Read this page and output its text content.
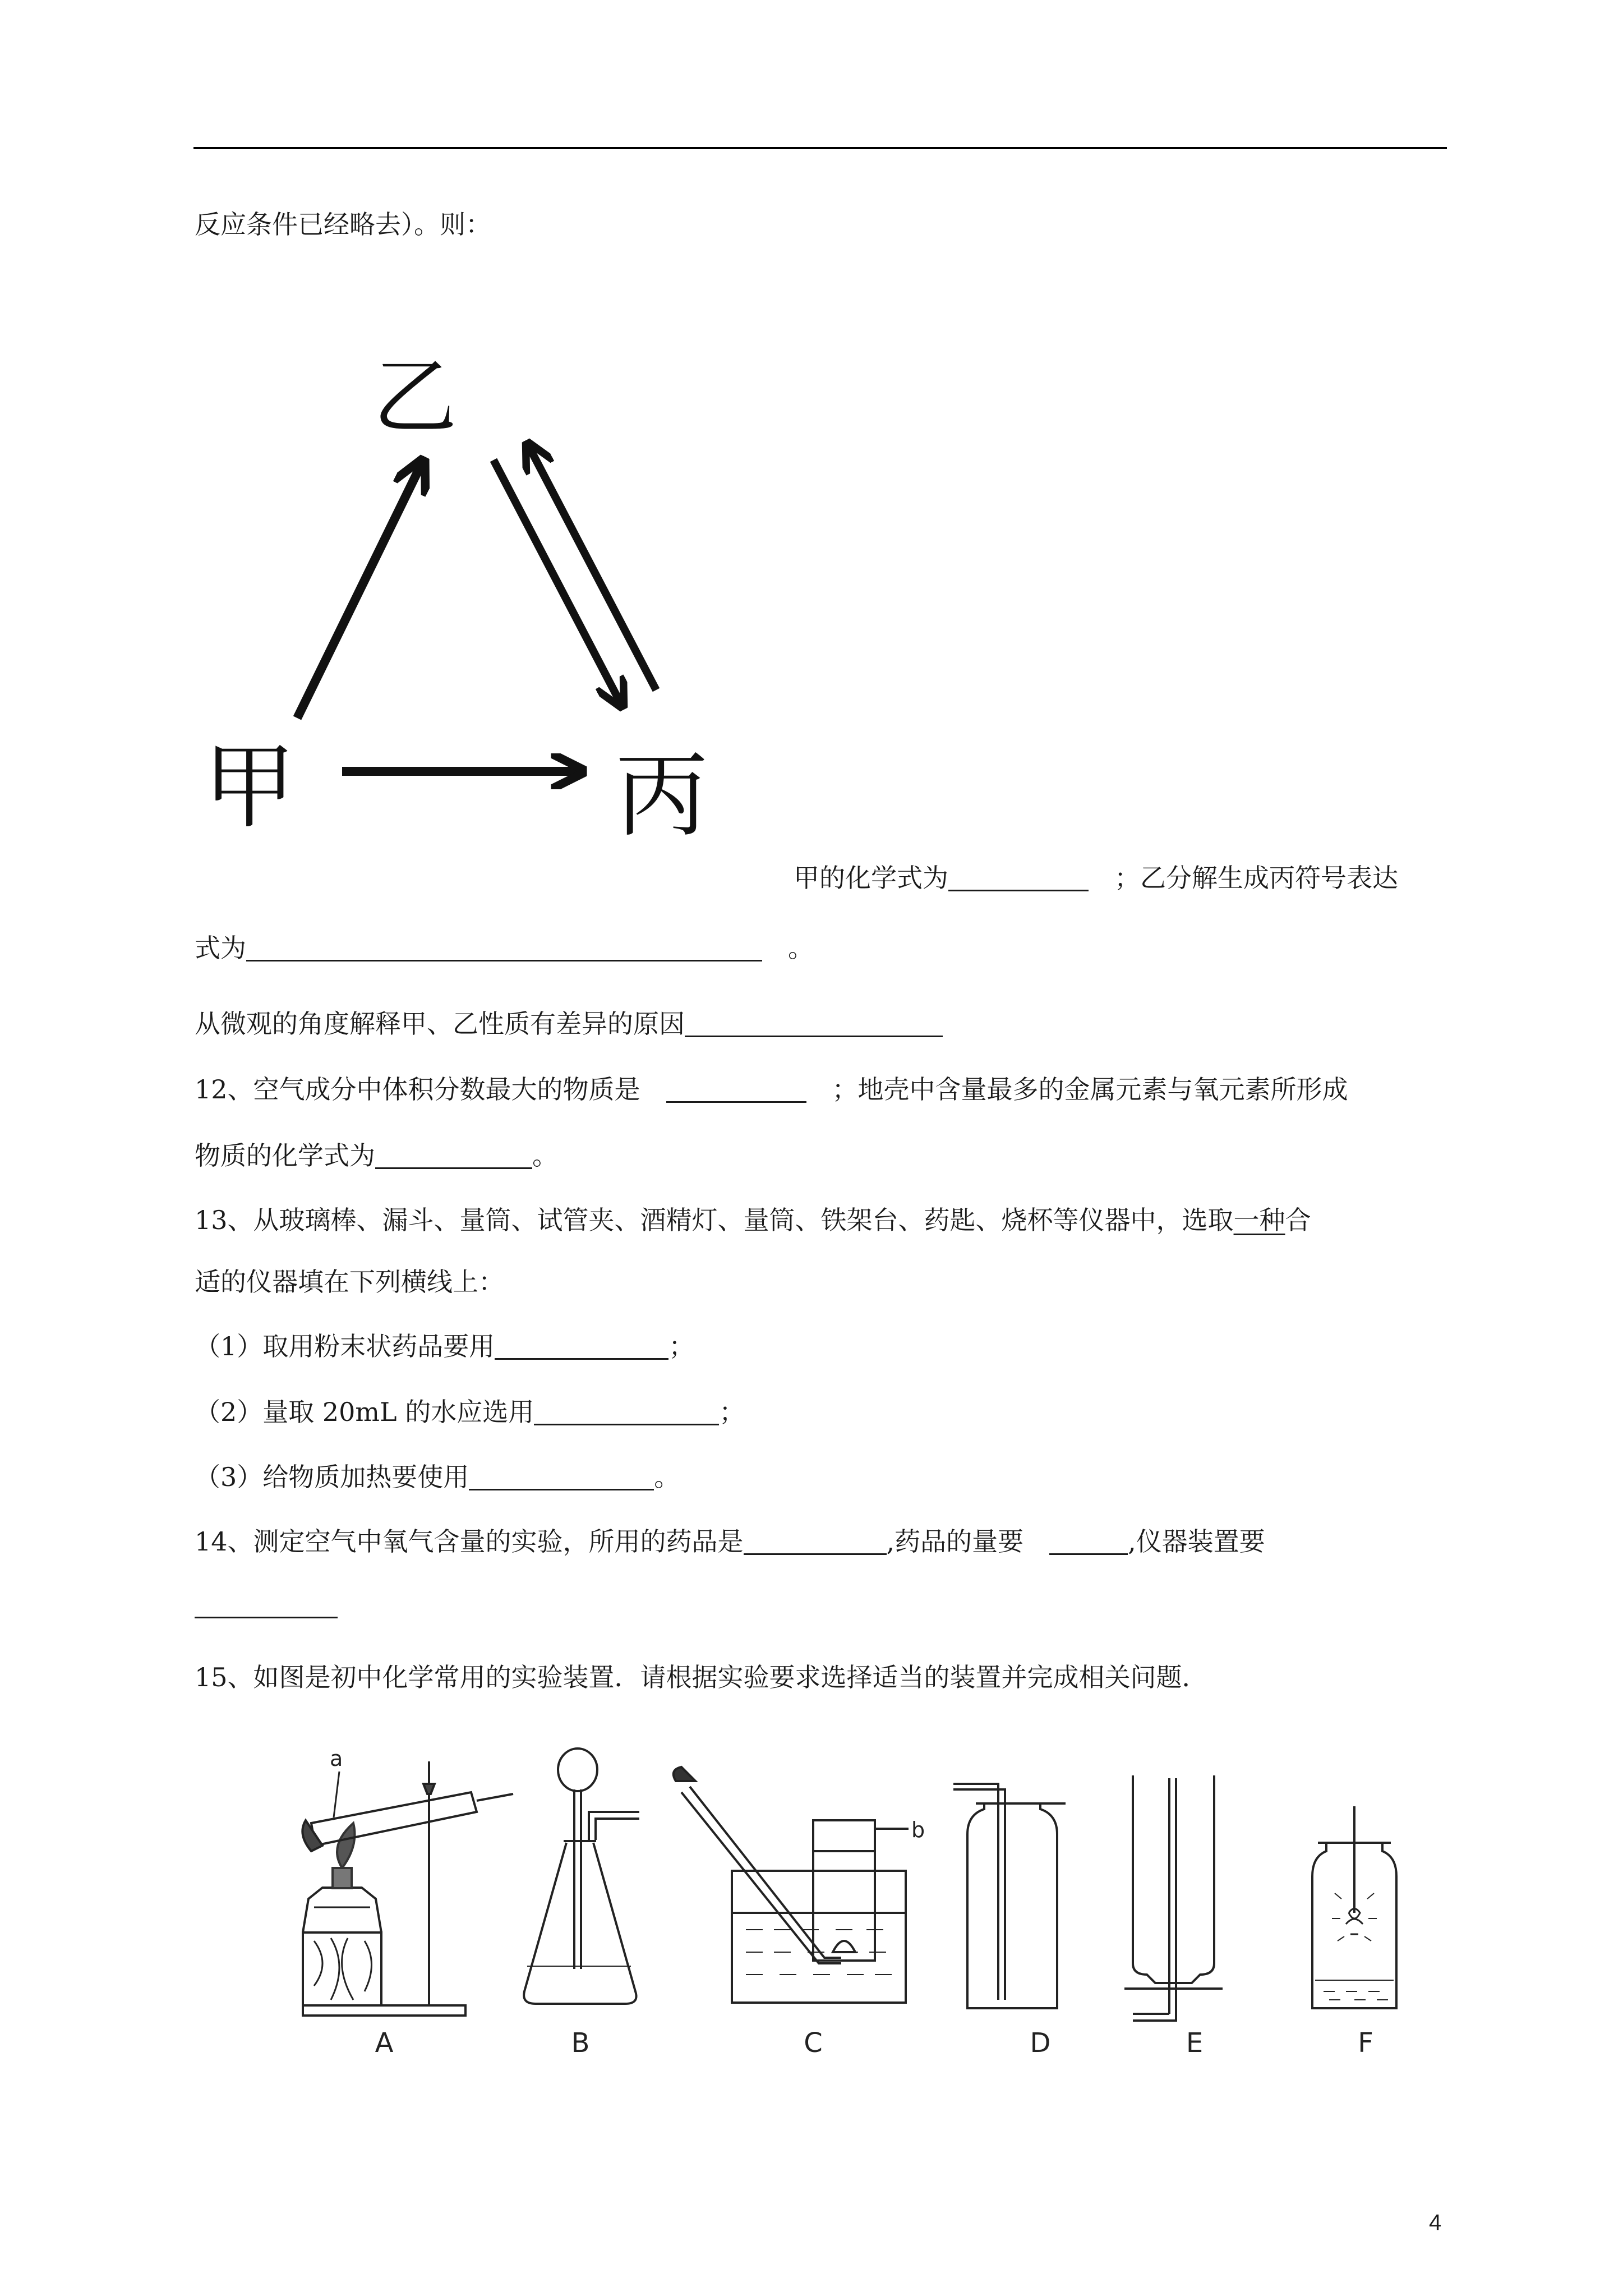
反应条件已经略去）。则：
乙
甲	丙
甲的化学式为　	；乙分解生成丙符号表达
式为　	。
从微观的角度解释甲、乙性质有差异的原因
12、空气成分中体积分数最大的物质是　　	；地壳中含量最多的金属元素与氧元素所形成
物质的化学式为	。
13、从玻璃棒、漏斗、量筒、试管夹、酒精灯、量筒、铁架台、药匙、烧杯等仪器中，选取一种合
适的仪器填在下列横线上：
（1）取用粉末状药品要用	；
（2）量取 20mL 的水应选用	；
（3）给物质加热要使用	。
14、测定空气中氧气含量的实验，所用的药品是	,药品的量要　	,仪器装置要
15、如图是初中化学常用的实验装置．请根据实验要求选择适当的装置并完成相关问题．
a
b
A	B	C	D	E	F
4
